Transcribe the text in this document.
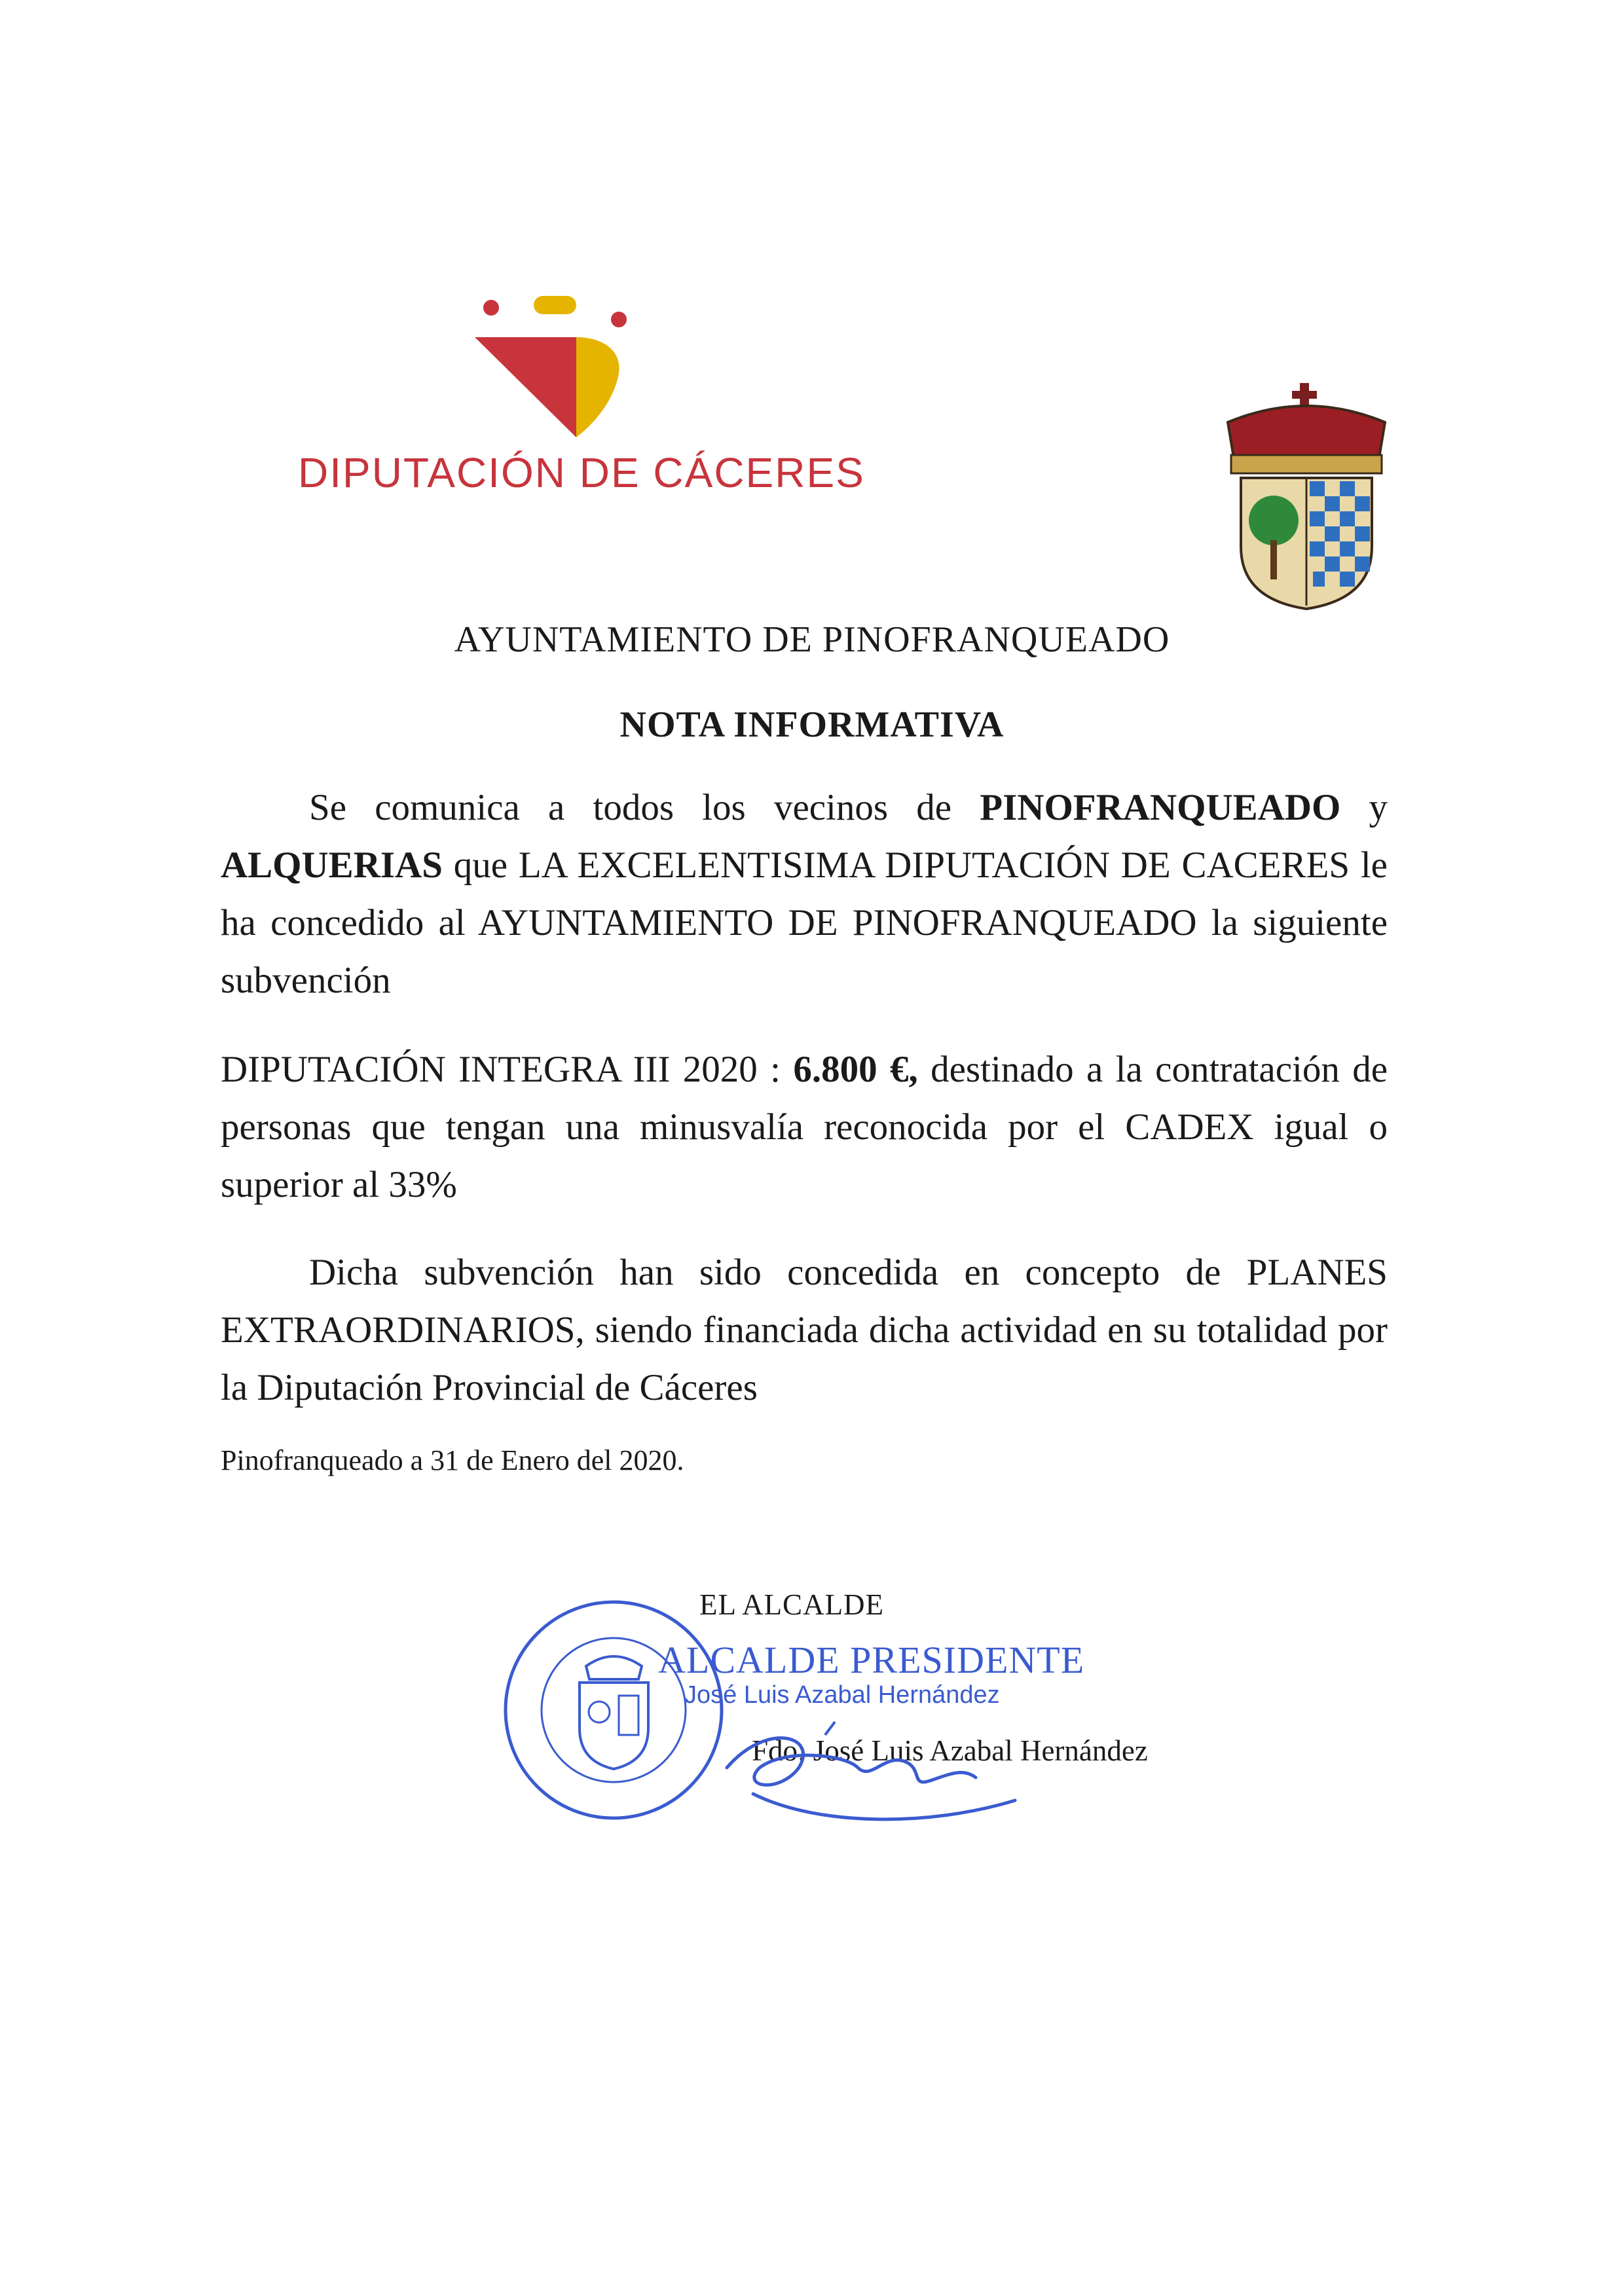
DIPUTACIÓN DE CÁCERES
AYUNTAMIENTO DE PINOFRANQUEADO
NOTA INFORMATIVA
Se comunica a todos los vecinos de PINOFRANQUEADO y ALQUERIAS que LA EXCELENTISIMA DIPUTACIÓN DE CACERES le ha concedido al AYUNTAMIENTO DE PINOFRANQUEADO la siguiente subvención
DIPUTACIÓN INTEGRA III 2020 : 6.800 €, destinado a la contratación de personas que tengan una minusvalía reconocida por el CADEX igual o superior al 33%
Dicha subvención han sido concedida en concepto de PLANES EXTRAORDINARIOS, siendo financiada dicha actividad en su totalidad por la Diputación Provincial de Cáceres
Pinofranqueado a 31 de Enero del 2020.
EL ALCALDE
ALCALDE PRESIDENTE
José Luis Azabal Hernández
Fdo: José Luis Azabal Hernández
